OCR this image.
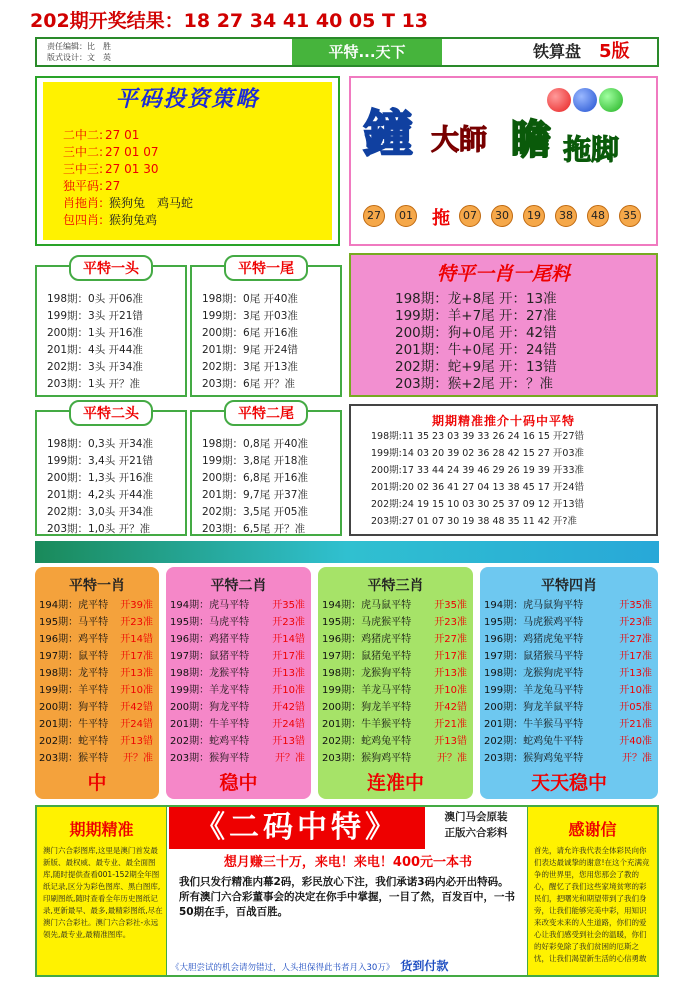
202期开奖结果：18 27 34 41 40 05 T 13
责任编辑：比　胜
版式设计：文　英	平特...天下	铁算盘 5版
平码投资策略
二中二: 27 01
三中二: 27 01 07
三中三: 27 01 30
独平码: 27
肖拖肖: 猴狗兔　鸡马蛇
包四肖: 猴狗兔鸡
鐘 大師 瞻 拖脚
27	01	07	30	19	38	48	35
拖
平特一头
198期：0头 开06准
199期：3头 开21错
200期：1头 开16准
201期：4头 开44准
202期：3头 开34准
203期：1头 开？准
平特一尾
198期：0尾 开40准
199期：3尾 开03准
200期：6尾 开16准
201期：9尾 开24错
202期：3尾 开13准
203期：6尾 开？准
平特二头
198期：0,3头 开34准
199期：3,4头 开21错
200期：1,3头 开16准
201期：4,2头 开44准
202期：3,0头 开34准
203期：1,0头 开？准
平特二尾
198期：0,8尾 开40准
199期：3,8尾 开18准
200期：6,8尾 开16准
201期：9,7尾 开37准
202期：3,5尾 开05准
203期：6,5尾 开？准
特平一肖一尾料
198期：龙+8尾 开：13准
199期：羊+7尾 开：27准
200期：狗+0尾 开：42错
201期：牛+0尾 开：24错
202期：蛇+9尾 开：13错
203期：猴+2尾 开：？准
期期精准推介十码中平特
198期:11 35 23 03 39 33 26 24 16 15 开27错
199期:14 03 20 39 02 36 28 42 15 27 开03准
200期:17 33 44 24 39 46 29 26 19 39 开33准
201期:20 02 36 41 27 04 13 38 45 17 开24错
202期:24 19 15 10 03 30 25 37 09 12 开13错
203期:27 01 07 30 19 38 48 35 11 42 开?准
平特一肖
194期：虎平特 开39准
195期：马平特 开23准
196期：鸡平特 开14错
197期：鼠平特 开17准
198期：龙平特 开13准
199期：羊平特 开10准
200期：狗平特 开42错
201期：牛平特 开24错
202期：蛇平特 开13错
203期：猴平特 开？准
中
平特二肖
194期：虎马平特 开35准
195期：马虎平特 开23准
196期：鸡猪平特 开14错
197期：鼠猪平特 开17准
198期：龙猴平特 开13准
199期：羊龙平特 开10准
200期：狗龙平特 开42错
201期：牛羊平特 开24错
202期：蛇鸡平特 开13错
203期：猴狗平特	开？准
稳中
平特三肖
194期：虎马鼠平特 开35准
195期：马虎猴平特 开23准
196期：鸡猪虎平特 开27准
197期：鼠猪兔平特 开17准
198期：龙猴狗平特 开13准
199期：羊龙马平特 开10准
200期：狗龙羊平特 开42错
201期：牛羊猴平特 开21准
202期：蛇鸡兔平特 开13错
203期：猴狗鸡平特	开？准
连准中
平特四肖
194期：虎马鼠狗平特	开35准
195期：马虎猴鸡平特	开23准
196期：鸡猪虎兔平特	开27准
197期：鼠猪猴马平特	开17准
198期：龙猴狗虎平特	开13准
199期：羊龙兔马平特	开10准
200期：狗龙羊鼠平特	开05准
201期：牛羊猴马平特	开21准
202期：蛇鸡兔牛平特	开40准
203期：猴狗鸡兔平特	开？准
天天稳中
期期精准
澳门六合彩图库,这里是澳门首发最新版、最权威、最专业、最全面图库,随时提供查看001-152期全年图纸记录,区分为彩色图库、黑白图库,印刷图纸,随时查看全年历史图纸记录,更新最早、最多,最精彩图纸,尽在澳门六合彩社。澳门六合彩社-永远领先,最专业,最精准图库。
《二码中特》	澳门马会原装
正版六合彩料
想月赚三十万，来电！来电！400元一本书
我们只发行精准内幕2码，彩民放心下注，我们承诺3码内必开出特码。所有澳门六合彩董事会的决定在你手中掌握，一目了然，百发百中，一书50期在手，百战百胜。
《大胆尝试的机会请勿错过，人头担保得此书者月入30万》 货到付款
感谢信
首先，请允许我代表全体彩民向你们表达最诚挚的谢意!在这个充满竞争的世界里，您用您那会了教的心，醒忆了我们这些家境贫寒的彩民们，把曙光和期望带到了我们身旁，让我们能够完美中彩，用知识来改变未来的人生道路，你们的爱心让我们感受到社会的温暖，你们的好彩免除了我们贫困的厄斯之忧，让我们渴望新生活的心信勇敢
